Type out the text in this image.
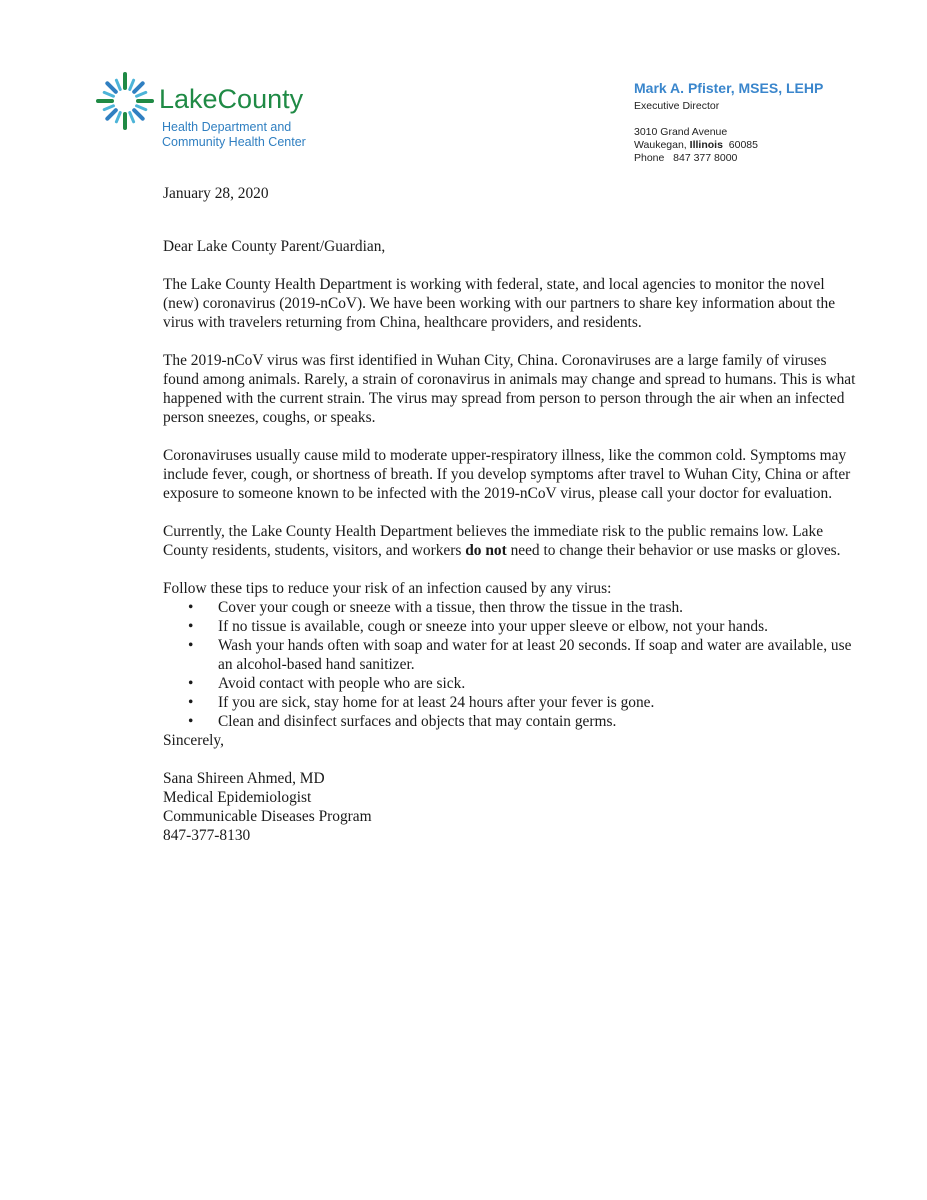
LakeCounty
Health Department and
Community Health Center
Mark A. Pfister, MSES, LEHP
Executive Director
3010 Grand Avenue
Waukegan, Illinois 60085
Phone 847 377 8000

January 28, 2020

Dear Lake County Parent/Guardian,

The Lake County Health Department is working with federal, state, and local agencies to monitor the novel (new) coronavirus (2019-nCoV). We have been working with our partners to share key information about the virus with travelers returning from China, healthcare providers, and residents.

The 2019-nCoV virus was first identified in Wuhan City, China. Coronaviruses are a large family of viruses found among animals. Rarely, a strain of coronavirus in animals may change and spread to humans. This is what happened with the current strain. The virus may spread from person to person through the air when an infected person sneezes, coughs, or speaks.

Coronaviruses usually cause mild to moderate upper-respiratory illness, like the common cold. Symptoms may include fever, cough, or shortness of breath. If you develop symptoms after travel to Wuhan City, China or after exposure to someone known to be infected with the 2019-nCoV virus, please call your doctor for evaluation.

Currently, the Lake County Health Department believes the immediate risk to the public remains low. Lake County residents, students, visitors, and workers do not need to change their behavior or use masks or gloves.

Follow these tips to reduce your risk of an infection caused by any virus:

• Cover your cough or sneeze with a tissue, then throw the tissue in the trash.
• If no tissue is available, cough or sneeze into your upper sleeve or elbow, not your hands.
• Wash your hands often with soap and water for at least 20 seconds. If soap and water are available, use an alcohol-based hand sanitizer.
• Avoid contact with people who are sick.
• If you are sick, stay home for at least 24 hours after your fever is gone.
• Clean and disinfect surfaces and objects that may contain germs.

Sincerely,

Sana Shireen Ahmed, MD

Medical Epidemiologist

Communicable Diseases Program

847-377-8130
